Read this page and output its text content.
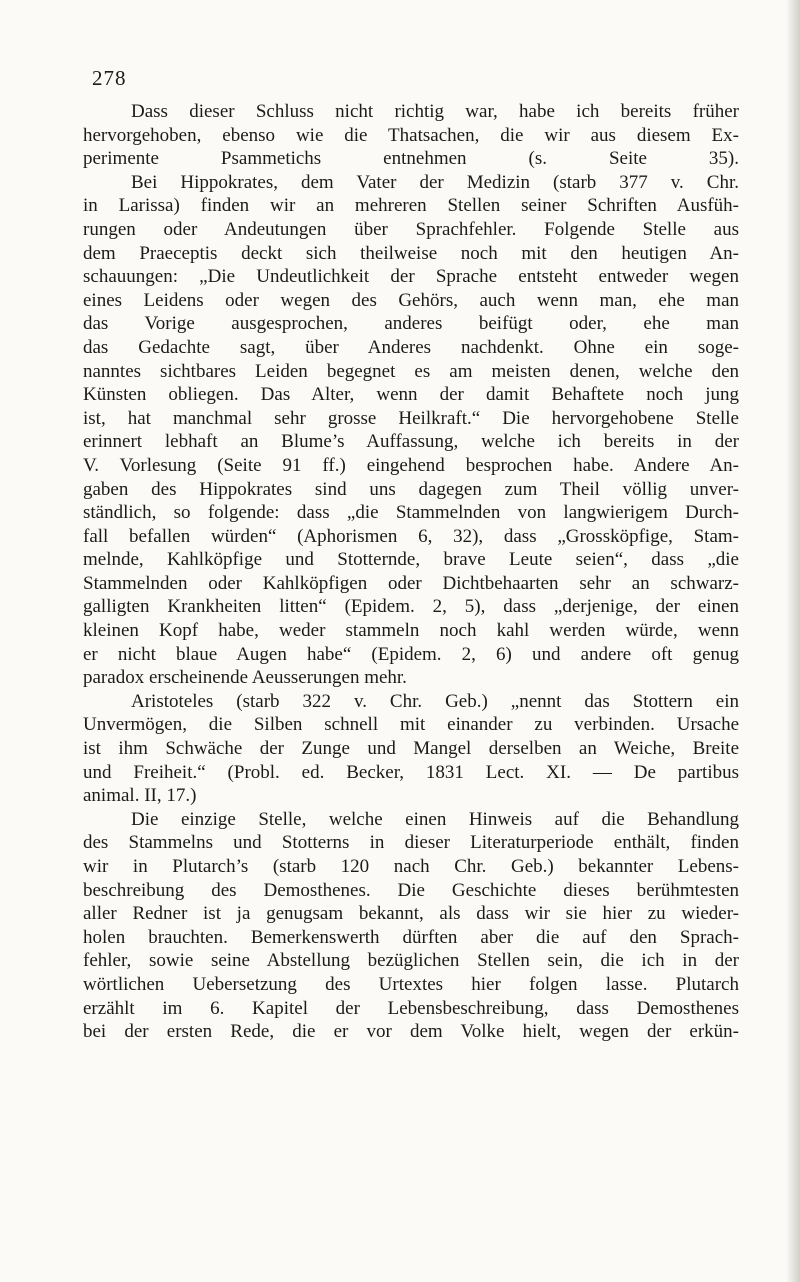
278
Dass dieser Schluss nicht richtig war, habe ich bereits früher
hervorgehoben, ebenso wie die Thatsachen, die wir aus diesem Ex-
perimente Psammetichs entnehmen (s. Seite 35).
Bei Hippokrates, dem Vater der Medizin (starb 377 v. Chr.
in Larissa) finden wir an mehreren Stellen seiner Schriften Ausfüh-
rungen oder Andeutungen über Sprachfehler. Folgende Stelle aus
dem Praeceptis deckt sich theilweise noch mit den heutigen An-
schauungen: „Die Undeutlichkeit der Sprache entsteht entweder wegen
eines Leidens oder wegen des Gehörs, auch wenn man, ehe man
das Vorige ausgesprochen, anderes beifügt oder, ehe man
das Gedachte sagt, über Anderes nachdenkt. Ohne ein soge-
nanntes sichtbares Leiden begegnet es am meisten denen, welche den
Künsten obliegen. Das Alter, wenn der damit Behaftete noch jung
ist, hat manchmal sehr grosse Heilkraft.“ Die hervorgehobene Stelle
erinnert lebhaft an Blume’s Auffassung, welche ich bereits in der
V. Vorlesung (Seite 91 ff.) eingehend besprochen habe. Andere An-
gaben des Hippokrates sind uns dagegen zum Theil völlig unver-
ständlich, so folgende: dass „die Stammelnden von langwierigem Durch-
fall befallen würden“ (Aphorismen 6, 32), dass „Grossköpfige, Stam-
melnde, Kahlköpfige und Stotternde, brave Leute seien“, dass „die
Stammelnden oder Kahlköpfigen oder Dichtbehaarten sehr an schwarz-
galligten Krankheiten litten“ (Epidem. 2, 5), dass „derjenige, der einen
kleinen Kopf habe, weder stammeln noch kahl werden würde, wenn
er nicht blaue Augen habe“ (Epidem. 2, 6) und andere oft genug
paradox erscheinende Aeusserungen mehr.
Aristoteles (starb 322 v. Chr. Geb.) „nennt das Stottern ein
Unvermögen, die Silben schnell mit einander zu verbinden. Ursache
ist ihm Schwäche der Zunge und Mangel derselben an Weiche, Breite
und Freiheit.“ (Probl. ed. Becker, 1831 Lect. XI. — De partibus
animal. II, 17.)
Die einzige Stelle, welche einen Hinweis auf die Behandlung
des Stammelns und Stotterns in dieser Literaturperiode enthält, finden
wir in Plutarch’s (starb 120 nach Chr. Geb.) bekannter Lebens-
beschreibung des Demosthenes. Die Geschichte dieses berühmtesten
aller Redner ist ja genugsam bekannt, als dass wir sie hier zu wieder-
holen brauchten. Bemerkenswerth dürften aber die auf den Sprach-
fehler, sowie seine Abstellung bezüglichen Stellen sein, die ich in der
wörtlichen Uebersetzung des Urtextes hier folgen lasse. Plutarch
erzählt im 6. Kapitel der Lebensbeschreibung, dass Demosthenes
bei der ersten Rede, die er vor dem Volke hielt, wegen der erkün-
